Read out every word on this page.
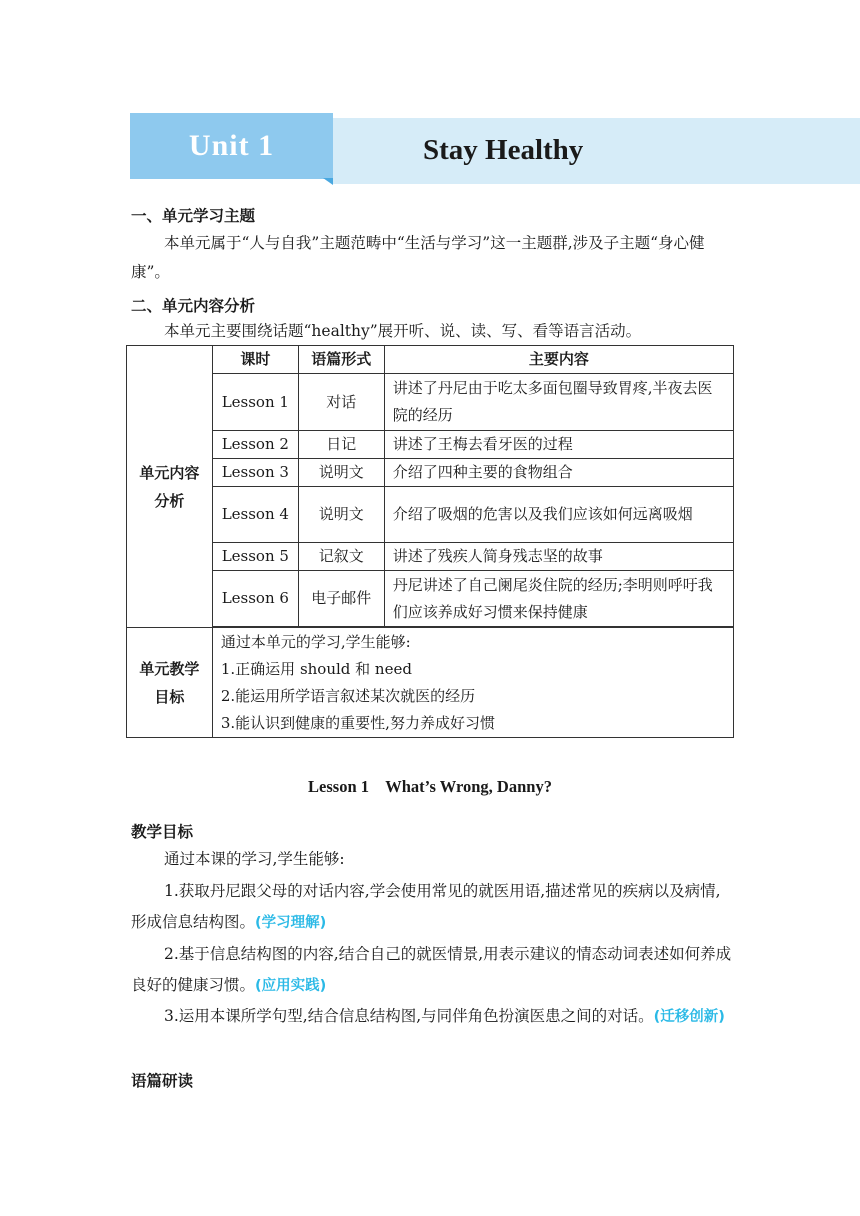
Unit 1	Stay Healthy
一、单元学习主题
本单元属于“人与自我”主题范畴中“生活与学习”这一主题群,涉及子主题“身心健康”。
二、单元内容分析
本单元主要围绕话题“healthy”展开听、说、读、写、看等语言活动。
单元内容分析	课时	语篇形式	主要内容
	Lesson 1	对话	讲述了丹尼由于吃太多面包圈导致胃疼,半夜去医院的经历
	Lesson 2	日记	讲述了王梅去看牙医的过程
	Lesson 3	说明文	介绍了四种主要的食物组合
	Lesson 4	说明文	介绍了吸烟的危害以及我们应该如何远离吸烟
	Lesson 5	记叙文	讲述了残疾人简身残志坚的故事
	Lesson 6	电子邮件	丹尼讲述了自己阑尾炎住院的经历;李明则呼吁我们应该养成好习惯来保持健康

单元教学目标	通过本单元的学习,学生能够:
1.正确运用 should 和 need
2.能运用所学语言叙述某次就医的经历
3.能认识到健康的重要性,努力养成好习惯		
Lesson 1    What’s Wrong, Danny?
教学目标
通过本课的学习,学生能够:
1.获取丹尼跟父母的对话内容,学会使用常见的就医用语,描述常见的疾病以及病情,形成信息结构图。(学习理解)
2.基于信息结构图的内容,结合自己的就医情景,用表示建议的情态动词表述如何养成良好的健康习惯。(应用实践)
3.运用本课所学句型,结合信息结构图,与同伴角色扮演医患之间的对话。(迁移创新)
语篇研读
